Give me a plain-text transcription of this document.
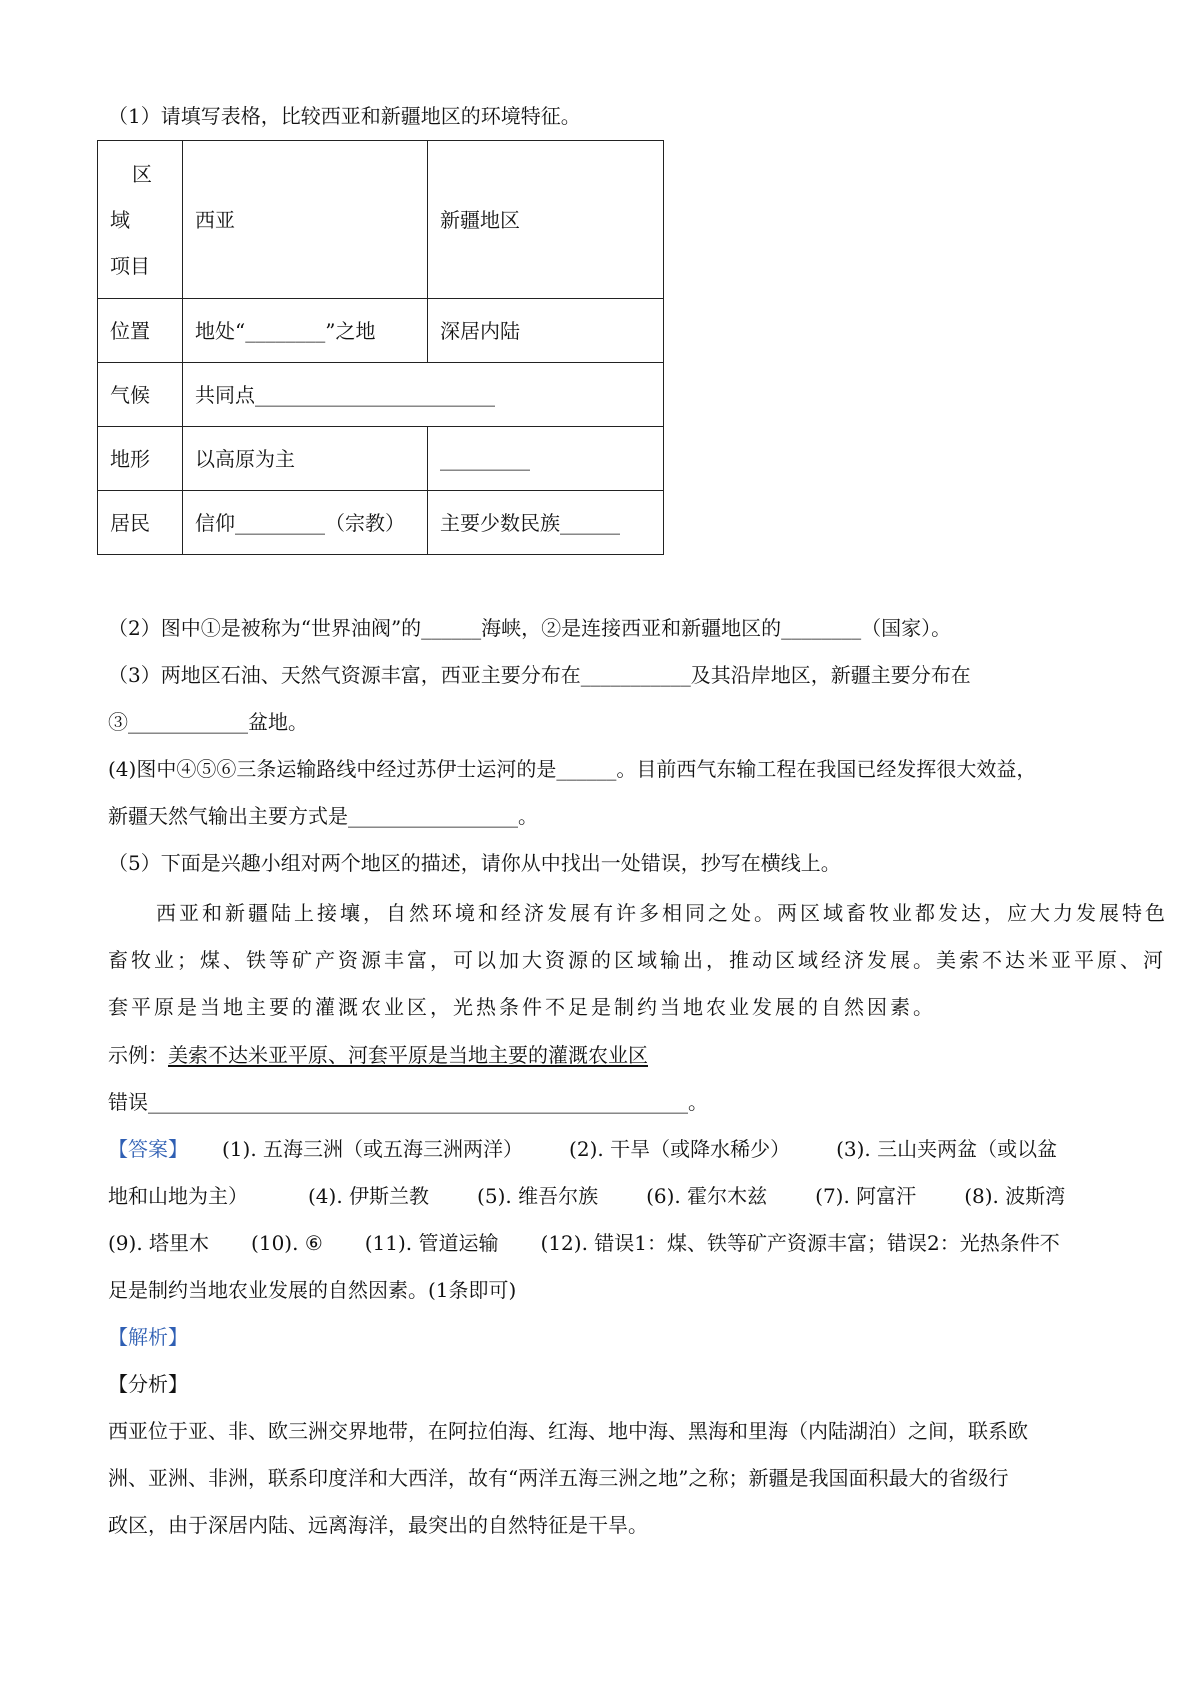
（1）请填写表格，比较西亚和新疆地区的环境特征。
区
域
项目	西亚	新疆地区
位置	地处“________”之地	深居内陆
气候	共同点________________________	
地形	以高原为主	_________
居民	信仰_________（宗教）	主要少数民族______
（2）图中①是被称为“世界油阀”的______海峡，②是连接西亚和新疆地区的________（国家）。
（3）两地区石油、天然气资源丰富，西亚主要分布在___________及其沿岸地区，新疆主要分布在
③____________盆地。
(4)图中④⑤⑥三条运输路线中经过苏伊士运河的是______。目前西气东输工程在我国已经发挥很大效益，
新疆天然气输出主要方式是_________________。
（5）下面是兴趣小组对两个地区的描述，请你从中找出一处错误，抄写在横线上。
西亚和新疆陆上接壤，自然环境和经济发展有许多相同之处。两区域畜牧业都发达，应大力发展特色
畜牧业；煤、铁等矿产资源丰富，可以加大资源的区域输出，推动区域经济发展。美索不达米亚平原、河
套平原是当地主要的灌溉农业区，光热条件不足是制约当地农业发展的自然因素。
示例：美索不达米亚平原、河套平原是当地主要的灌溉农业区
错误______________________________________________________。
【答案】 (1). 五海三洲（或五海三洲两洋） (2). 干旱（或降水稀少） (3). 三山夹两盆（或以盆
地和山地为主）	(4). 伊斯兰教 (5). 维吾尔族 (6). 霍尔木兹 (7). 阿富汗 (8). 波斯湾
(9). 塔里木 (10). ⑥ (11). 管道运输 (12). 错误1：煤、铁等矿产资源丰富；错误2：光热条件不
足是制约当地农业发展的自然因素。(1条即可)
【解析】
【分析】
西亚位于亚、非、欧三洲交界地带，在阿拉伯海、红海、地中海、黑海和里海（内陆湖泊）之间，联系欧
洲、亚洲、非洲，联系印度洋和大西洋，故有“两洋五海三洲之地”之称；新疆是我国面积最大的省级行
政区，由于深居内陆、远离海洋，最突出的自然特征是干旱。
